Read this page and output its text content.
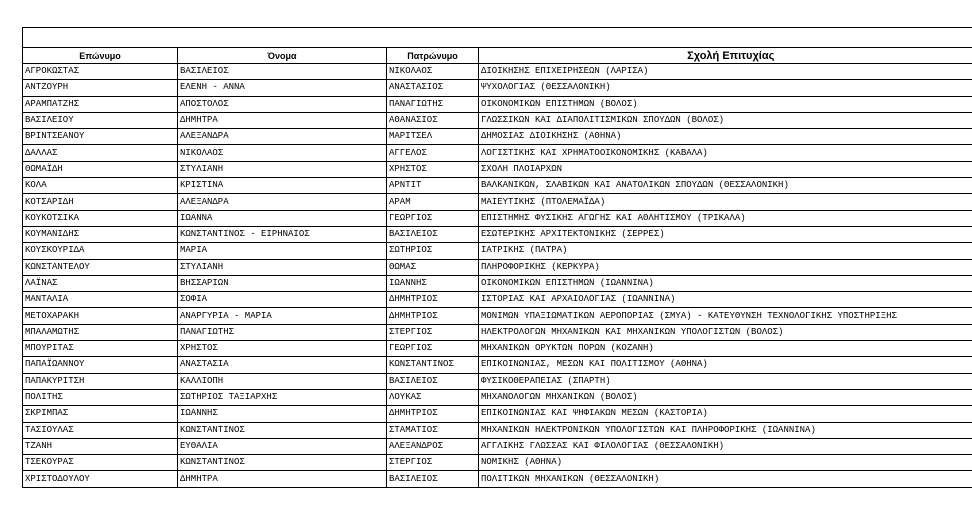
Επώνυμο	Όνομα	Πατρώνυμο	Σχολή Επιτυχίας
ΑΓΡΟΚΩΣΤΑΣ	ΒΑΣΙΛΕΙΟΣ	ΝΙΚΟΛΑΟΣ	ΔΙΟΙΚΗΣΗΣ ΕΠΙΧΕΙΡΗΣΕΩΝ (ΛΑΡΙΣΑ)
ΑΝΤΖΟΥΡΗ	ΕΛΕΝΗ - ΑΝΝΑ	ΑΝΑΣΤΑΣΙΟΣ	ΨΥΧΟΛΟΓΙΑΣ (ΘΕΣΣΑΛΟΝΙΚΗ)
ΑΡΑΜΠΑΤΖΗΣ	ΑΠΟΣΤΟΛΟΣ	ΠΑΝΑΓΙΩΤΗΣ	ΟΙΚΟΝΟΜΙΚΩΝ ΕΠΙΣΤΗΜΩΝ (ΒΟΛΟΣ)
ΒΑΣΙΛΕΙΟΥ	ΔΗΜΗΤΡΑ	ΑΘΑΝΑΣΙΟΣ	ΓΛΩΣΣΙΚΩΝ ΚΑΙ ΔΙΑΠΟΛΙΤΙΣΜΙΚΩΝ ΣΠΟΥΔΩΝ (ΒΟΛΟΣ)
ΒΡΙΝΤΣΕΑΝΟΥ	ΑΛΕΞΑΝΔΡΑ	ΜΑΡΙΤΣΕΛ	ΔΗΜΟΣΙΑΣ ΔΙΟΙΚΗΣΗΣ (ΑΘΗΝΑ)
ΔΑΛΛΑΣ	ΝΙΚΟΛΑΟΣ	ΑΓΓΕΛΟΣ	ΛΟΓΙΣΤΙΚΗΣ ΚΑΙ ΧΡΗΜΑΤΟΟΙΚΟΝΟΜΙΚΗΣ (ΚΑΒΑΛΑ)
ΘΩΜΑΪΔΗ	ΣΤΥΛΙΑΝΗ	ΧΡΗΣΤΟΣ	ΣΧΟΛΗ ΠΛΟΙΑΡΧΩΝ
ΚΟΛΑ	ΚΡΙΣΤΙΝΑ	ΑΡΝΤΙΤ	ΒΑΛΚΑΝΙΚΩΝ, ΣΛΑΒΙΚΩΝ ΚΑΙ ΑΝΑΤΟΛΙΚΩΝ ΣΠΟΥΔΩΝ (ΘΕΣΣΑΛΟΝΙΚΗ)
ΚΟΤΣΑΡΙΔΗ	ΑΛΕΞΑΝΔΡΑ	ΑΡΑΜ	ΜΑΙΕΥΤΙΚΗΣ (ΠΤΟΛΕΜΑΪΔΑ)
ΚΟΥΚΟΤΣΙΚΑ	ΙΩΑΝΝΑ	ΓΕΩΡΓΙΟΣ	ΕΠΙΣΤΗΜΗΣ ΦΥΣΙΚΗΣ ΑΓΩΓΗΣ ΚΑΙ ΑΘΛΗΤΙΣΜΟΥ (ΤΡΙΚΑΛΑ)
ΚΟΥΜΑΝΙΔΗΣ	ΚΩΝΣΤΑΝΤΙΝΟΣ - ΕΙΡΗΝΑΙΟΣ	ΒΑΣΙΛΕΙΟΣ	ΕΣΩΤΕΡΙΚΗΣ ΑΡΧΙΤΕΚΤΟΝΙΚΗΣ (ΣΕΡΡΕΣ)
ΚΟΥΣΚΟΥΡΙΔΑ	ΜΑΡΙΑ	ΣΩΤΗΡΙΟΣ	ΙΑΤΡΙΚΗΣ (ΠΑΤΡΑ)
ΚΩΝΣΤΑΝΤΕΛΟΥ	ΣΤΥΛΙΑΝΗ	ΘΩΜΑΣ	ΠΛΗΡΟΦΟΡΙΚΗΣ (ΚΕΡΚΥΡΑ)
ΛΑΪΝΑΣ	ΒΗΣΣΑΡΙΩΝ	ΙΩΑΝΝΗΣ	ΟΙΚΟΝΟΜΙΚΩΝ ΕΠΙΣΤΗΜΩΝ (ΙΩΑΝΝΙΝΑ)
ΜΑΝΤΑΛΙΑ	ΣΟΦΙΑ	ΔΗΜΗΤΡΙΟΣ	ΙΣΤΟΡΙΑΣ ΚΑΙ ΑΡΧΑΙΟΛΟΓΙΑΣ (ΙΩΑΝΝΙΝΑ)
ΜΕΤΟΧΑΡΑΚΗ	ΑΝΑΡΓΥΡΙΑ - ΜΑΡΙΑ	ΔΗΜΗΤΡΙΟΣ	ΜΟΝΙΜΩΝ ΥΠΑΞΙΩΜΑΤΙΚΩΝ ΑΕΡΟΠΟΡΙΑΣ (ΣΜΥΑ) - ΚΑΤΕΥΘΥΝΣΗ ΤΕΧΝΟΛΟΓΙΚΗΣ ΥΠΟΣΤΗΡΙΞΗΣ
ΜΠΑΛΑΜΩΤΗΣ	ΠΑΝΑΓΙΩΤΗΣ	ΣΤΕΡΓΙΟΣ	ΗΛΕΚΤΡΟΛΟΓΩΝ ΜΗΧΑΝΙΚΩΝ ΚΑΙ ΜΗΧΑΝΙΚΩΝ ΥΠΟΛΟΓΙΣΤΩΝ (ΒΟΛΟΣ)
ΜΠΟΥΡΙΤΑΣ	ΧΡΗΣΤΟΣ	ΓΕΩΡΓΙΟΣ	ΜΗΧΑΝΙΚΩΝ ΟΡΥΚΤΩΝ ΠΟΡΩΝ (ΚΟΖΑΝΗ)
ΠΑΠΑΪΩΑΝΝΟΥ	ΑΝΑΣΤΑΣΙΑ	ΚΩΝΣΤΑΝΤΙΝΟΣ	ΕΠΙΚΟΙΝΩΝΙΑΣ, ΜΕΣΩΝ ΚΑΙ ΠΟΛΙΤΙΣΜΟΥ (ΑΘΗΝΑ)
ΠΑΠΑΚΥΡΙΤΣΗ	ΚΑΛΛΙΟΠΗ	ΒΑΣΙΛΕΙΟΣ	ΦΥΣΙΚΟΘΕΡΑΠΕΙΑΣ (ΣΠΑΡΤΗ)
ΠΟΛΙΤΗΣ	ΣΩΤΗΡΙΟΣ ΤΑΞΙΑΡΧΗΣ	ΛΟΥΚΑΣ	ΜΗΧΑΝΟΛΟΓΩΝ ΜΗΧΑΝΙΚΩΝ (ΒΟΛΟΣ)
ΣΚΡΙΜΠΑΣ	ΙΩΑΝΝΗΣ	ΔΗΜΗΤΡΙΟΣ	ΕΠΙΚΟΙΝΩΝΙΑΣ ΚΑΙ ΨΗΦΙΑΚΩΝ ΜΕΣΩΝ (ΚΑΣΤΟΡΙΑ)
ΤΑΣΙΟΥΛΑΣ	ΚΩΝΣΤΑΝΤΙΝΟΣ	ΣΤΑΜΑΤΙΟΣ	ΜΗΧΑΝΙΚΩΝ ΗΛΕΚΤΡΟΝΙΚΩΝ ΥΠΟΛΟΓΙΣΤΩΝ ΚΑΙ ΠΛΗΡΟΦΟΡΙΚΗΣ (ΙΩΑΝΝΙΝΑ)
ΤΖΑΝΗ	ΕΥΘΑΛΙΑ	ΑΛΕΞΑΝΔΡΟΣ	ΑΓΓΛΙΚΗΣ ΓΛΩΣΣΑΣ ΚΑΙ ΦΙΛΟΛΟΓΙΑΣ (ΘΕΣΣΑΛΟΝΙΚΗ)
ΤΣΕΚΟΥΡΑΣ	ΚΩΝΣΤΑΝΤΙΝΟΣ	ΣΤΕΡΓΙΟΣ	ΝΟΜΙΚΗΣ (ΑΘΗΝΑ)
ΧΡΙΣΤΟΔΟΥΛΟΥ	ΔΗΜΗΤΡΑ	ΒΑΣΙΛΕΙΟΣ	ΠΟΛΙΤΙΚΩΝ ΜΗΧΑΝΙΚΩΝ (ΘΕΣΣΑΛΟΝΙΚΗ)
